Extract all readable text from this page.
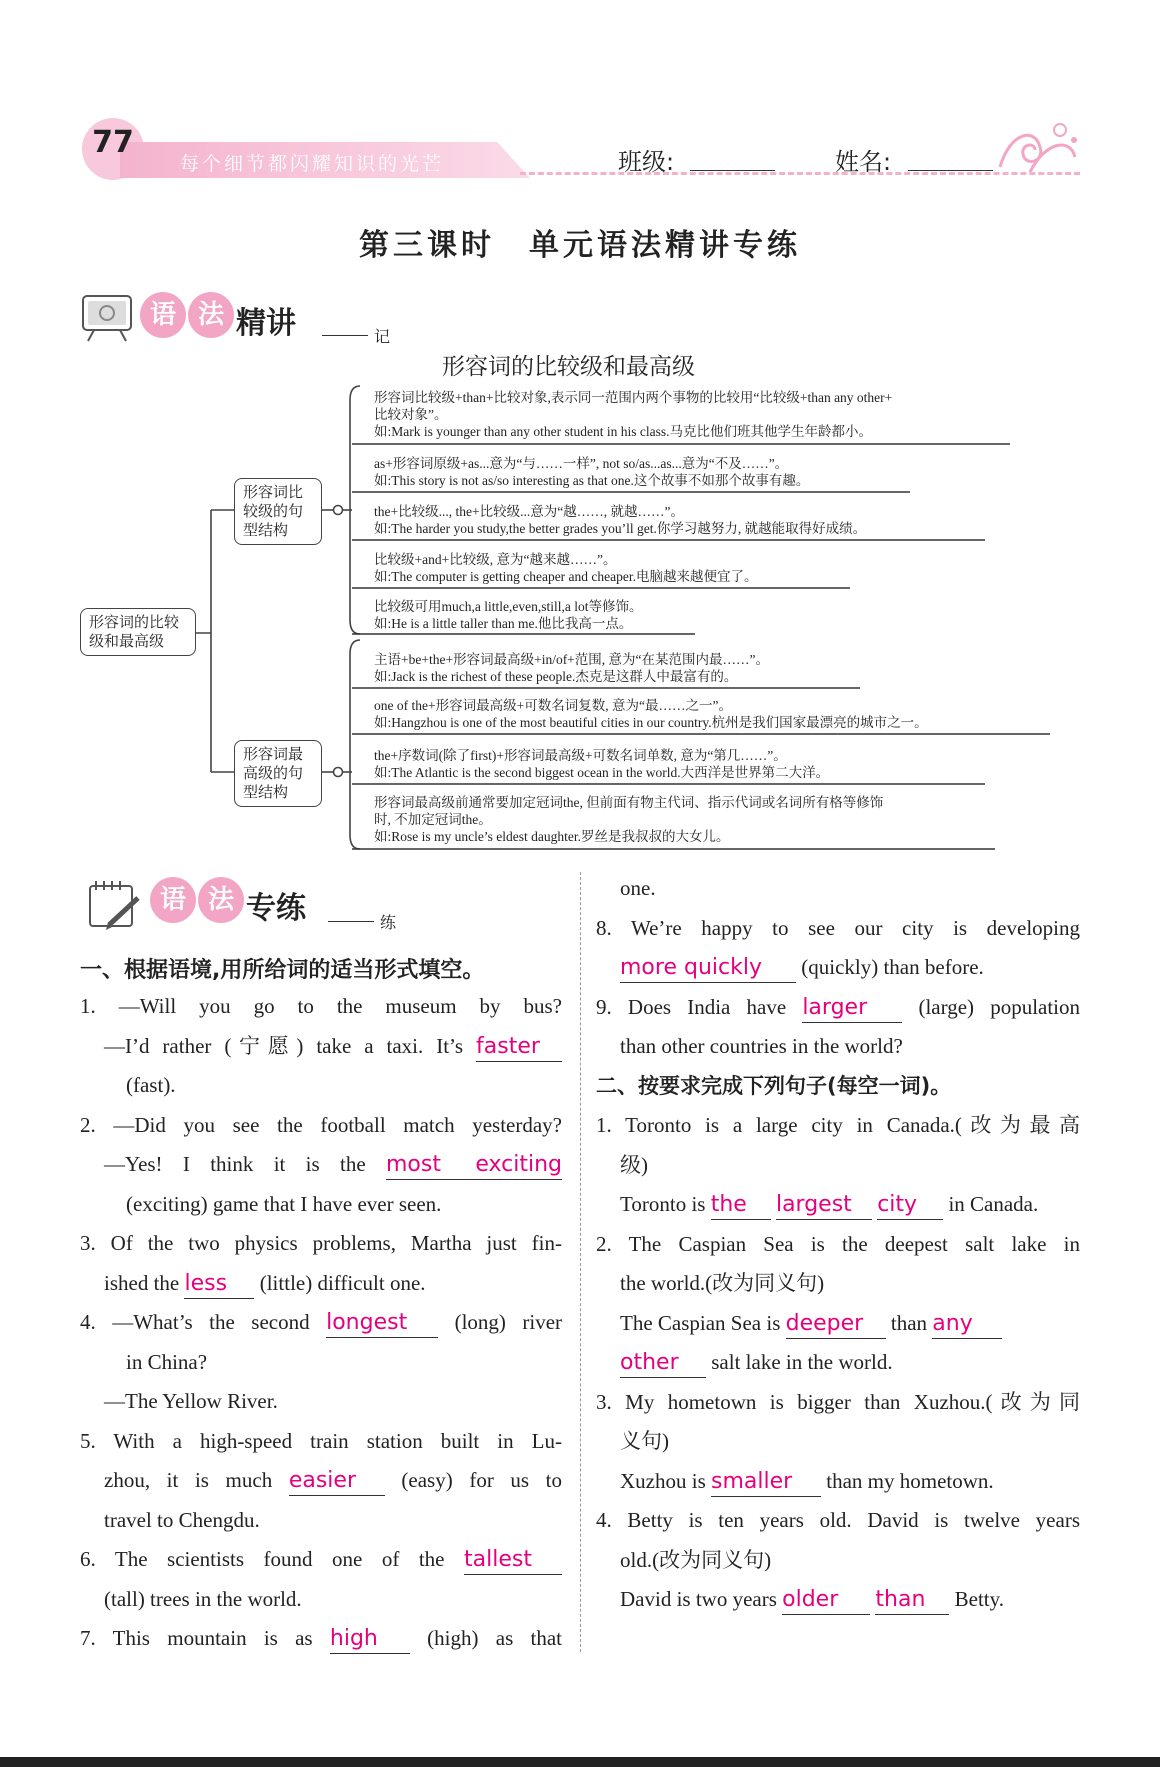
77
每个细节都闪耀知识的光芒	班级:	姓名:
第三课时　单元语法精讲专练
语 法 精讲	记
形容词的比较级和最高级
形容词的比较
级和最高级
形容词比
较级的句
型结构
形容词最
高级的句
型结构
形容词比较级+than+比较对象,表示同一范围内两个事物的比较用“比较级+than any other+
比较对象”。
如:Mark is younger than any other student in his class.马克比他们班其他学生年龄都小。
as+形容词原级+as...意为“与……一样”, not so/as...as...意为“不及……”。
如:This story is not as/so interesting as that one.这个故事不如那个故事有趣。
the+比较级..., the+比较级...意为“越……, 就越……”。
如:The harder you study,the better grades you’ll get.你学习越努力, 就越能取得好成绩。
比较级+and+比较级, 意为“越来越……”。
如:The computer is getting cheaper and cheaper.电脑越来越便宜了。
比较级可用much,a little,even,still,a lot等修饰。
如:He is a little taller than me.他比我高一点。
主语+be+the+形容词最高级+in/of+范围, 意为“在某范围内最……”。
如:Jack is the richest of these people.杰克是这群人中最富有的。
one of the+形容词最高级+可数名词复数, 意为“最……之一”。
如:Hangzhou is one of the most beautiful cities in our country.杭州是我们国家最漂亮的城市之一。
the+序数词(除了first)+形容词最高级+可数名词单数, 意为“第几……”。
如:The Atlantic is the second biggest ocean in the world.大西洋是世界第二大洋。
形容词最高级前通常要加定冠词the, 但前面有物主代词、指示代词或名词所有格等修饰
时, 不加定冠词the。
如:Rose is my uncle’s eldest daughter.罗丝是我叔叔的大女儿。
语 法 专练	练
一、根据语境,用所给词的适当形式填空。
1. —Will you go to the museum by bus?
—I’d rather (宁愿) take a taxi. It’s faster
(fast).
2. —Did you see the football match yesterday?
—Yes! I think it is the most exciting
(exciting) game that I have ever seen.
3. Of the two physics problems, Martha just fin-
ished the less (little) difficult one.
4. —What’s the second longest (long) river
in China?
—The Yellow River.
5. With a high-speed train station built in Lu-
zhou, it is much easier (easy) for us to
travel to Chengdu.
6. The scientists found one of the tallest
(tall) trees in the world.
7. This mountain is as high (high) as that
one.
8. We’re happy to see our city is developing
more quickly (quickly) than before.
9. Does India have larger (large) population
than other countries in the world?
二、按要求完成下列句子(每空一词)。
1. Toronto is a large city in Canada.(改为最高
级)
Toronto is the largest city in Canada.
2. The Caspian Sea is the deepest salt lake in
the world.(改为同义句)
The Caspian Sea is deeper than any
other salt lake in the world.
3. My hometown is bigger than Xuzhou.(改为同
义句)
Xuzhou is smaller than my hometown.
4. Betty is ten years old. David is twelve years
old.(改为同义句)
David is two years older than Betty.
